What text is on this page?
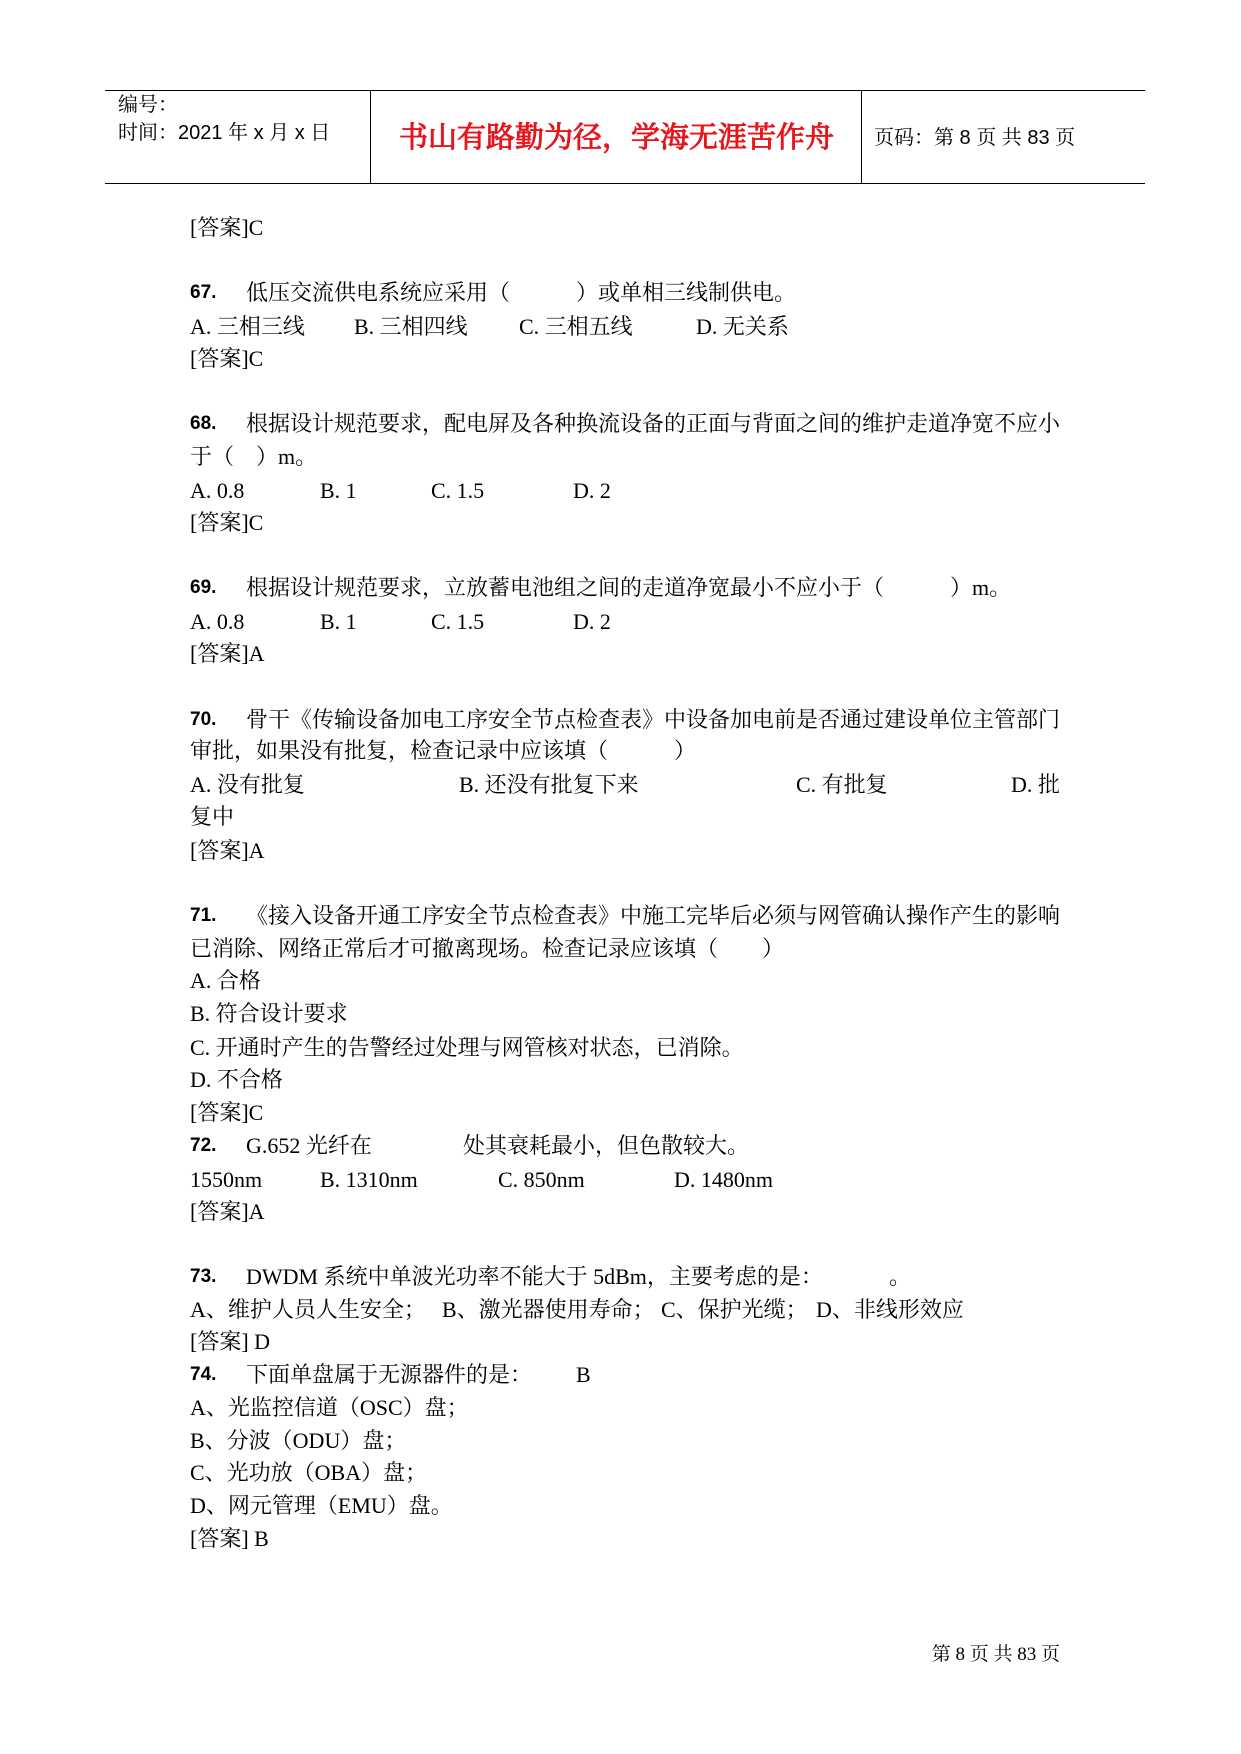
编号：
时间：2021 年 x 月 x 日	书山有路勤为径，学海无涯苦作舟	页码：第 8 页 共 83 页
[答案]C
67. 低压交流供电系统应采用（　　　）或单相三线制供电。
A. 三相三线 B. 三相四线 C. 三相五线	D. 无关系
[答案]C
68. 根据设计规范要求，配电屏及各种换流设备的正面与背面之间的维护走道净宽不应小
于（　）m。
A. 0.8	B. 1	C. 1.5	D. 2
[答案]C
69. 根据设计规范要求，立放蓄电池组之间的走道净宽最小不应小于（　　　）m。
A. 0.8	B. 1	C. 1.5	D. 2
[答案]A
70. 骨干《传输设备加电工序安全节点检查表》中设备加电前是否通过建设单位主管部门
审批，如果没有批复，检查记录中应该填（　　　）
A. 没有批复	B. 还没有批复下来	C. 有批复	D. 批
复中
[答案]A
71. 《接入设备开通工序安全节点检查表》中施工完毕后必须与网管确认操作产生的影响
已消除、网络正常后才可撤离现场。检查记录应该填（　　）
A. 合格
B. 符合设计要求
C. 开通时产生的告警经过处理与网管核对状态，已消除。
D. 不合格
[答案]C
72. G.652 光纤在	处其衰耗最小，但色散较大。
1550nm	B. 1310nm	C. 850nm	D. 1480nm
[答案]A
73. DWDM 系统中单波光功率不能大于 5dBm，主要考虑的是：	。
A、维护人员人生安全； B、激光器使用寿命； C、保护光缆； D、非线形效应
[答案] D
74. 下面单盘属于无源器件的是： B
A、光监控信道（OSC）盘；
B、分波（ODU）盘；
C、光功放（OBA）盘；
D、网元管理（EMU）盘。
[答案] B
第 8 页 共 83 页
